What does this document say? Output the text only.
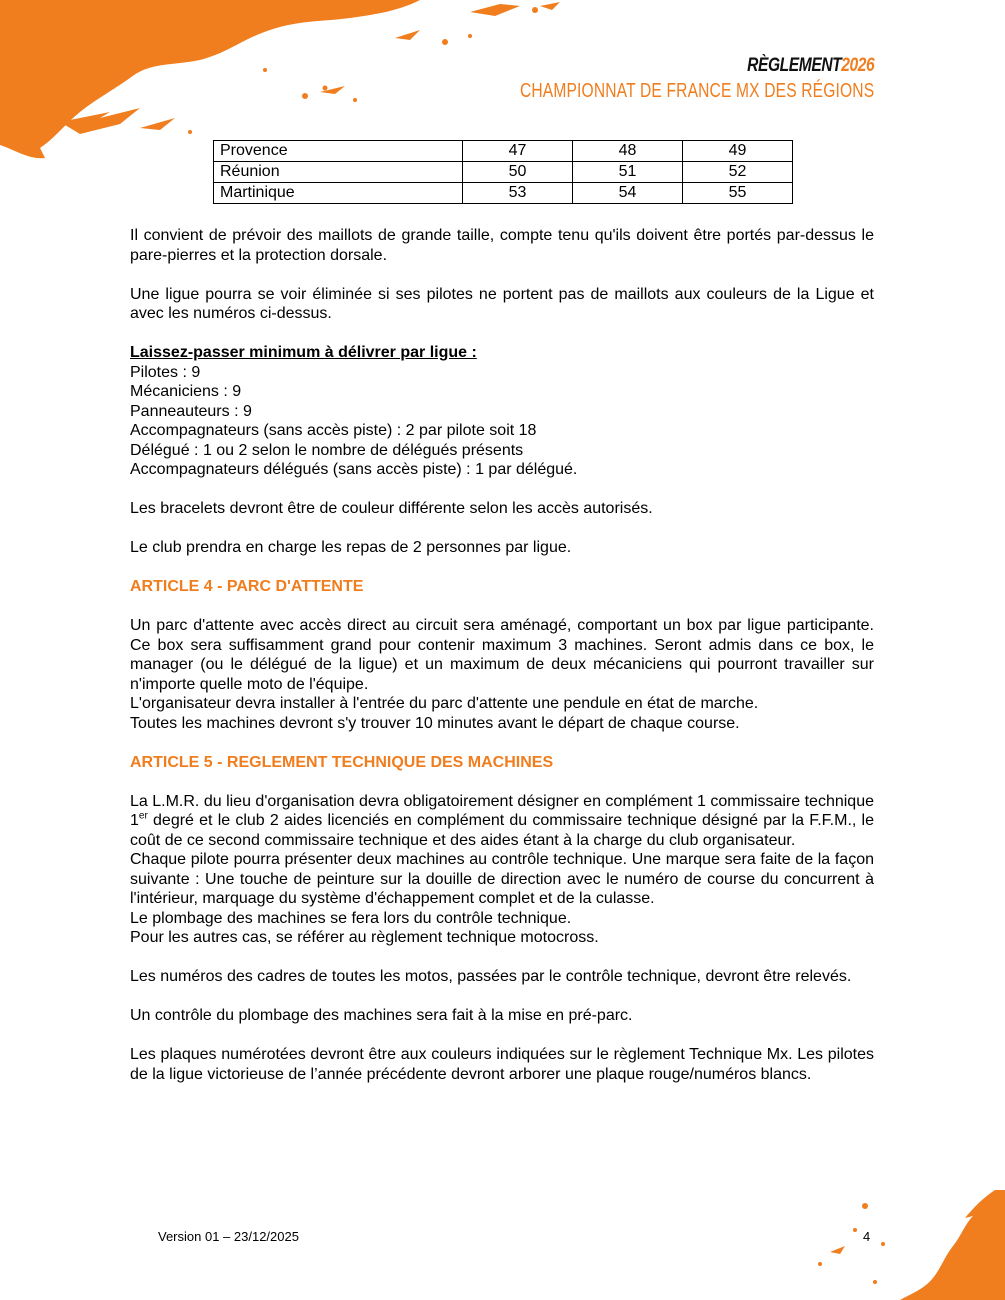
RÈGLEMENT2026
CHAMPIONNAT DE FRANCE MX DES RÉGIONS
Provence	47	48	49
Réunion	50	51	52
Martinique	53	54	55

Il convient de prévoir des maillots de grande taille, compte tenu qu'ils doivent être portés par-dessus le pare-pierres et la protection dorsale.

Une ligue pourra se voir éliminée si ses pilotes ne portent pas de maillots aux couleurs de la Ligue et avec les numéros ci-dessus.

Laissez-passer minimum à délivrer par ligue :
Pilotes : 9
Mécaniciens : 9
Panneauteurs : 9
Accompagnateurs (sans accès piste) : 2 par pilote soit 18
Délégué : 1 ou 2 selon le nombre de délégués présents
Accompagnateurs délégués (sans accès piste) : 1 par délégué.

Les bracelets devront être de couleur différente selon les accès autorisés.

Le club prendra en charge les repas de 2 personnes par ligue.

ARTICLE 4 - PARC D'ATTENTE
Un parc d'attente avec accès direct au circuit sera aménagé, comportant un box par ligue participante. Ce box sera suffisamment grand pour contenir maximum 3 machines. Seront admis dans ce box, le manager (ou le délégué de la ligue) et un maximum de deux mécaniciens qui pourront travailler sur n'importe quelle moto de l'équipe.
L'organisateur devra installer à l'entrée du parc d'attente une pendule en état de marche.
Toutes les machines devront s'y trouver 10 minutes avant le départ de chaque course.
ARTICLE 5 - REGLEMENT TECHNIQUE DES MACHINES
La L.M.R. du lieu d'organisation devra obligatoirement désigner en complément 1 commissaire technique 1er degré et le club 2 aides licenciés en complément du commissaire technique désigné par la F.F.M., le coût de ce second commissaire technique et des aides étant à la charge du club organisateur.
Chaque pilote pourra présenter deux machines au contrôle technique. Une marque sera faite de la façon suivante : Une touche de peinture sur la douille de direction avec le numéro de course du concurrent à l'intérieur, marquage du système d'échappement complet et de la culasse.
Le plombage des machines se fera lors du contrôle technique.
Pour les autres cas, se référer au règlement technique motocross.

Les numéros des cadres de toutes les motos, passées par le contrôle technique, devront être relevés.

Un contrôle du plombage des machines sera fait à la mise en pré-parc.

Les plaques numérotées devront être aux couleurs indiquées sur le règlement Technique Mx. Les pilotes de la ligue victorieuse de l’année précédente devront arborer une plaque rouge/numéros blancs.

Version 01 – 23/12/2025	4
